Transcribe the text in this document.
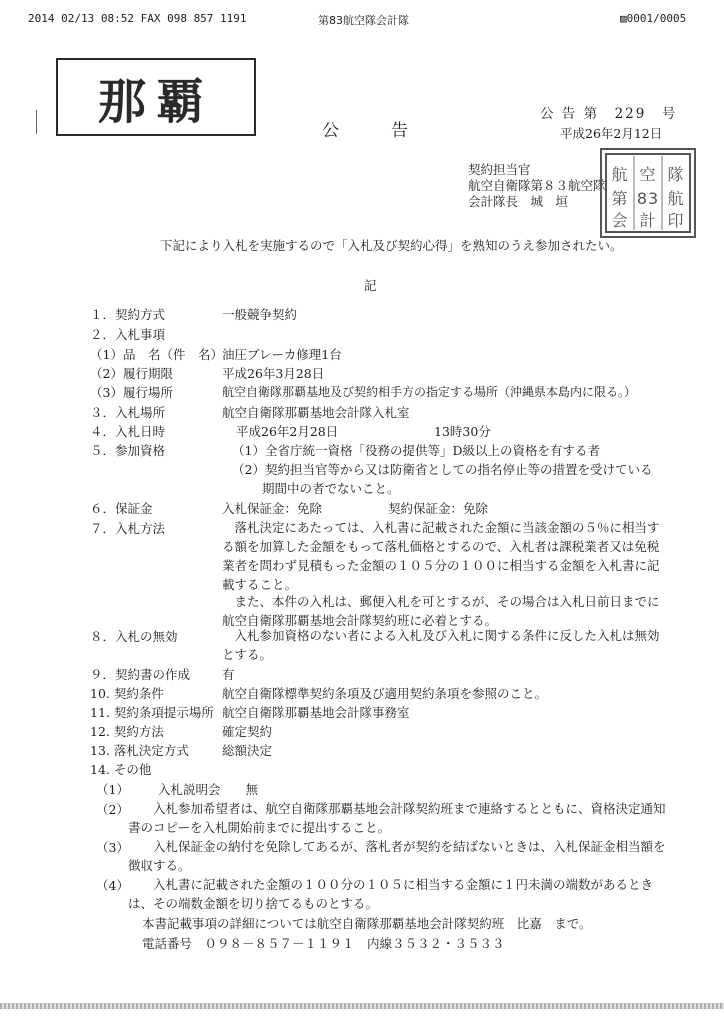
2014 02/13 08:52 FAX 098 857 1191	第83航空隊会計隊	▨0001/0005
那覇
公　　告
公 告 第　229　号
平成26年2月12日
契約担当官
航空自衛隊第８３航空隊
会計隊長　城　垣
航
第
会
空
83
計
隊
航
印
下記により入札を実施するので「入札及び契約心得」を熟知のうえ参加されたい。
記
１．契約方式	一般競争契約
２．入札事項
（1）品　名（件　名） 油圧ブレーカ修理1台
（2）履行期限	平成26年3月28日
（3）履行場所	航空自衛隊那覇基地及び契約相手方の指定する場所（沖縄県本島内に限る。）
３．入札場所	航空自衛隊那覇基地会計隊入札室
４．入札日時	平成26年2月28日	13時30分
５．参加資格	（1）全省庁統一資格「役務の提供等」D級以上の資格を有する者
（2）契約担当官等から又は防衛省としての指名停止等の措置を受けている
期間中の者でないこと。
６．保証金	入札保証金：免除	契約保証金：免除
７．入札方法	落札決定にあたっては、入札書に記載された金額に当該金額の５％に相当する額を加算した金額をもって落札価格とするので、入札者は課税業者又は免税業者を問わず見積もった金額の１０５分の１００に相当する金額を入札書に記載すること。
また、本件の入札は、郵便入札を可とするが、その場合は入札日前日までに航空自衛隊那覇基地会計隊契約班に必着とする。
８．入札の無効	入札参加資格のない者による入札及び入札に関する条件に反した入札は無効とする。
９．契約書の作成	有
10. 契約条件	航空自衛隊標準契約条項及び適用契約条項を参照のこと。
11. 契約条項提示場所 航空自衛隊那覇基地会計隊事務室
12. 契約方法	確定契約
13. 落札決定方式	総額決定
14. その他
（1） 入札説明会　　無
（2）	入札参加希望者は、航空自衛隊那覇基地会計隊契約班まで連絡するとともに、資格決定通知書のコピーを入札開始前までに提出すること。
（3）	入札保証金の納付を免除してあるが、落札者が契約を結ばないときは、入札保証金相当額を徴収する。
（4）	入札書に記載された金額の１００分の１０５に相当する金額に１円未満の端数があるときは、その端数金額を切り捨てるものとする。
本書記載事項の詳細については航空自衛隊那覇基地会計隊契約班　比嘉　まで。
電話番号　０９８－８５７－１１９１　内線３５３２・３５３３
